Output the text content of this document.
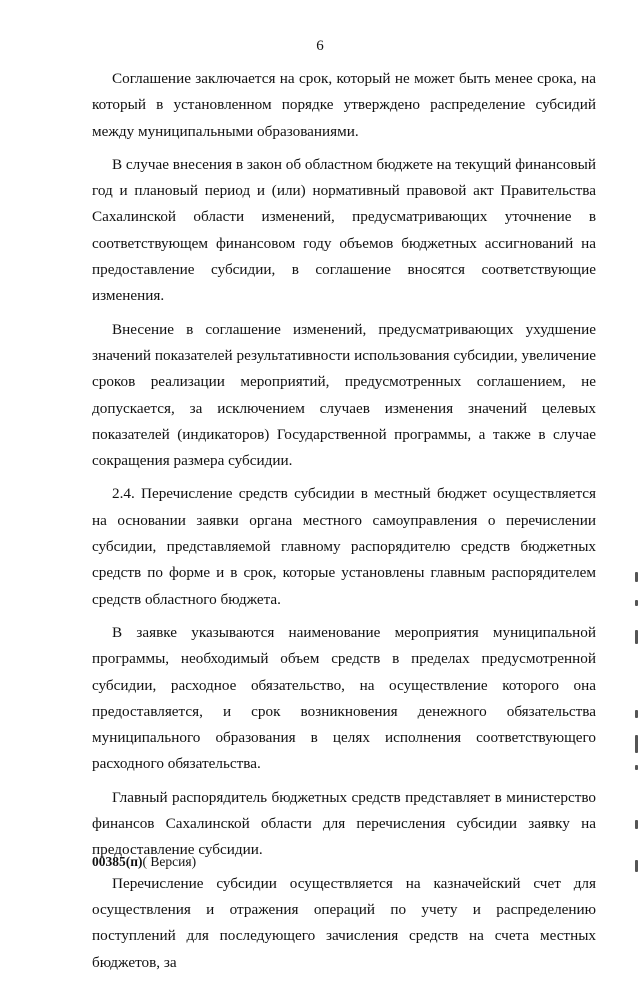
6

Соглашение заключается на срок, который не может быть менее срока, на который в установленном порядке утверждено распределение субсидий между муниципальными образованиями.

В случае внесения в закон об областном бюджете на текущий финансовый год и плановый период и (или) нормативный правовой акт Правительства Сахалинской области изменений, предусматривающих уточнение в соответствующем финансовом году объемов бюджетных ассигнований на предоставление субсидии, в соглашение вносятся соответствующие изменения.

Внесение в соглашение изменений, предусматривающих ухудшение значений показателей результативности использования субсидии, увеличение сроков реализации мероприятий, предусмотренных соглашением, не допускается, за исключением случаев изменения значений целевых показателей (индикаторов) Государственной программы, а также в случае сокращения размера субсидии.

2.4. Перечисление средств субсидии в местный бюджет осуществляется на основании заявки органа местного самоуправления о перечислении субсидии, представляемой главному распорядителю средств бюджетных средств по форме и в срок, которые установлены главным распорядителем средств областного бюджета.

В заявке указываются наименование мероприятия муниципальной программы, необходимый объем средств в пределах предусмотренной субсидии, расходное обязательство, на осуществление которого она предоставляется, и срок возникновения денежного обязательства муниципального образования в целях исполнения соответствующего расходного обязательства.

Главный распорядитель бюджетных средств представляет в министерство финансов Сахалинской области для перечисления субсидии заявку на предоставление субсидии.

Перечисление субсидии осуществляется на казначейский счет для осуществления и отражения операций по учету и распределению поступлений для последующего зачисления средств на счета местных бюджетов, за

00385(п)( Версия)
